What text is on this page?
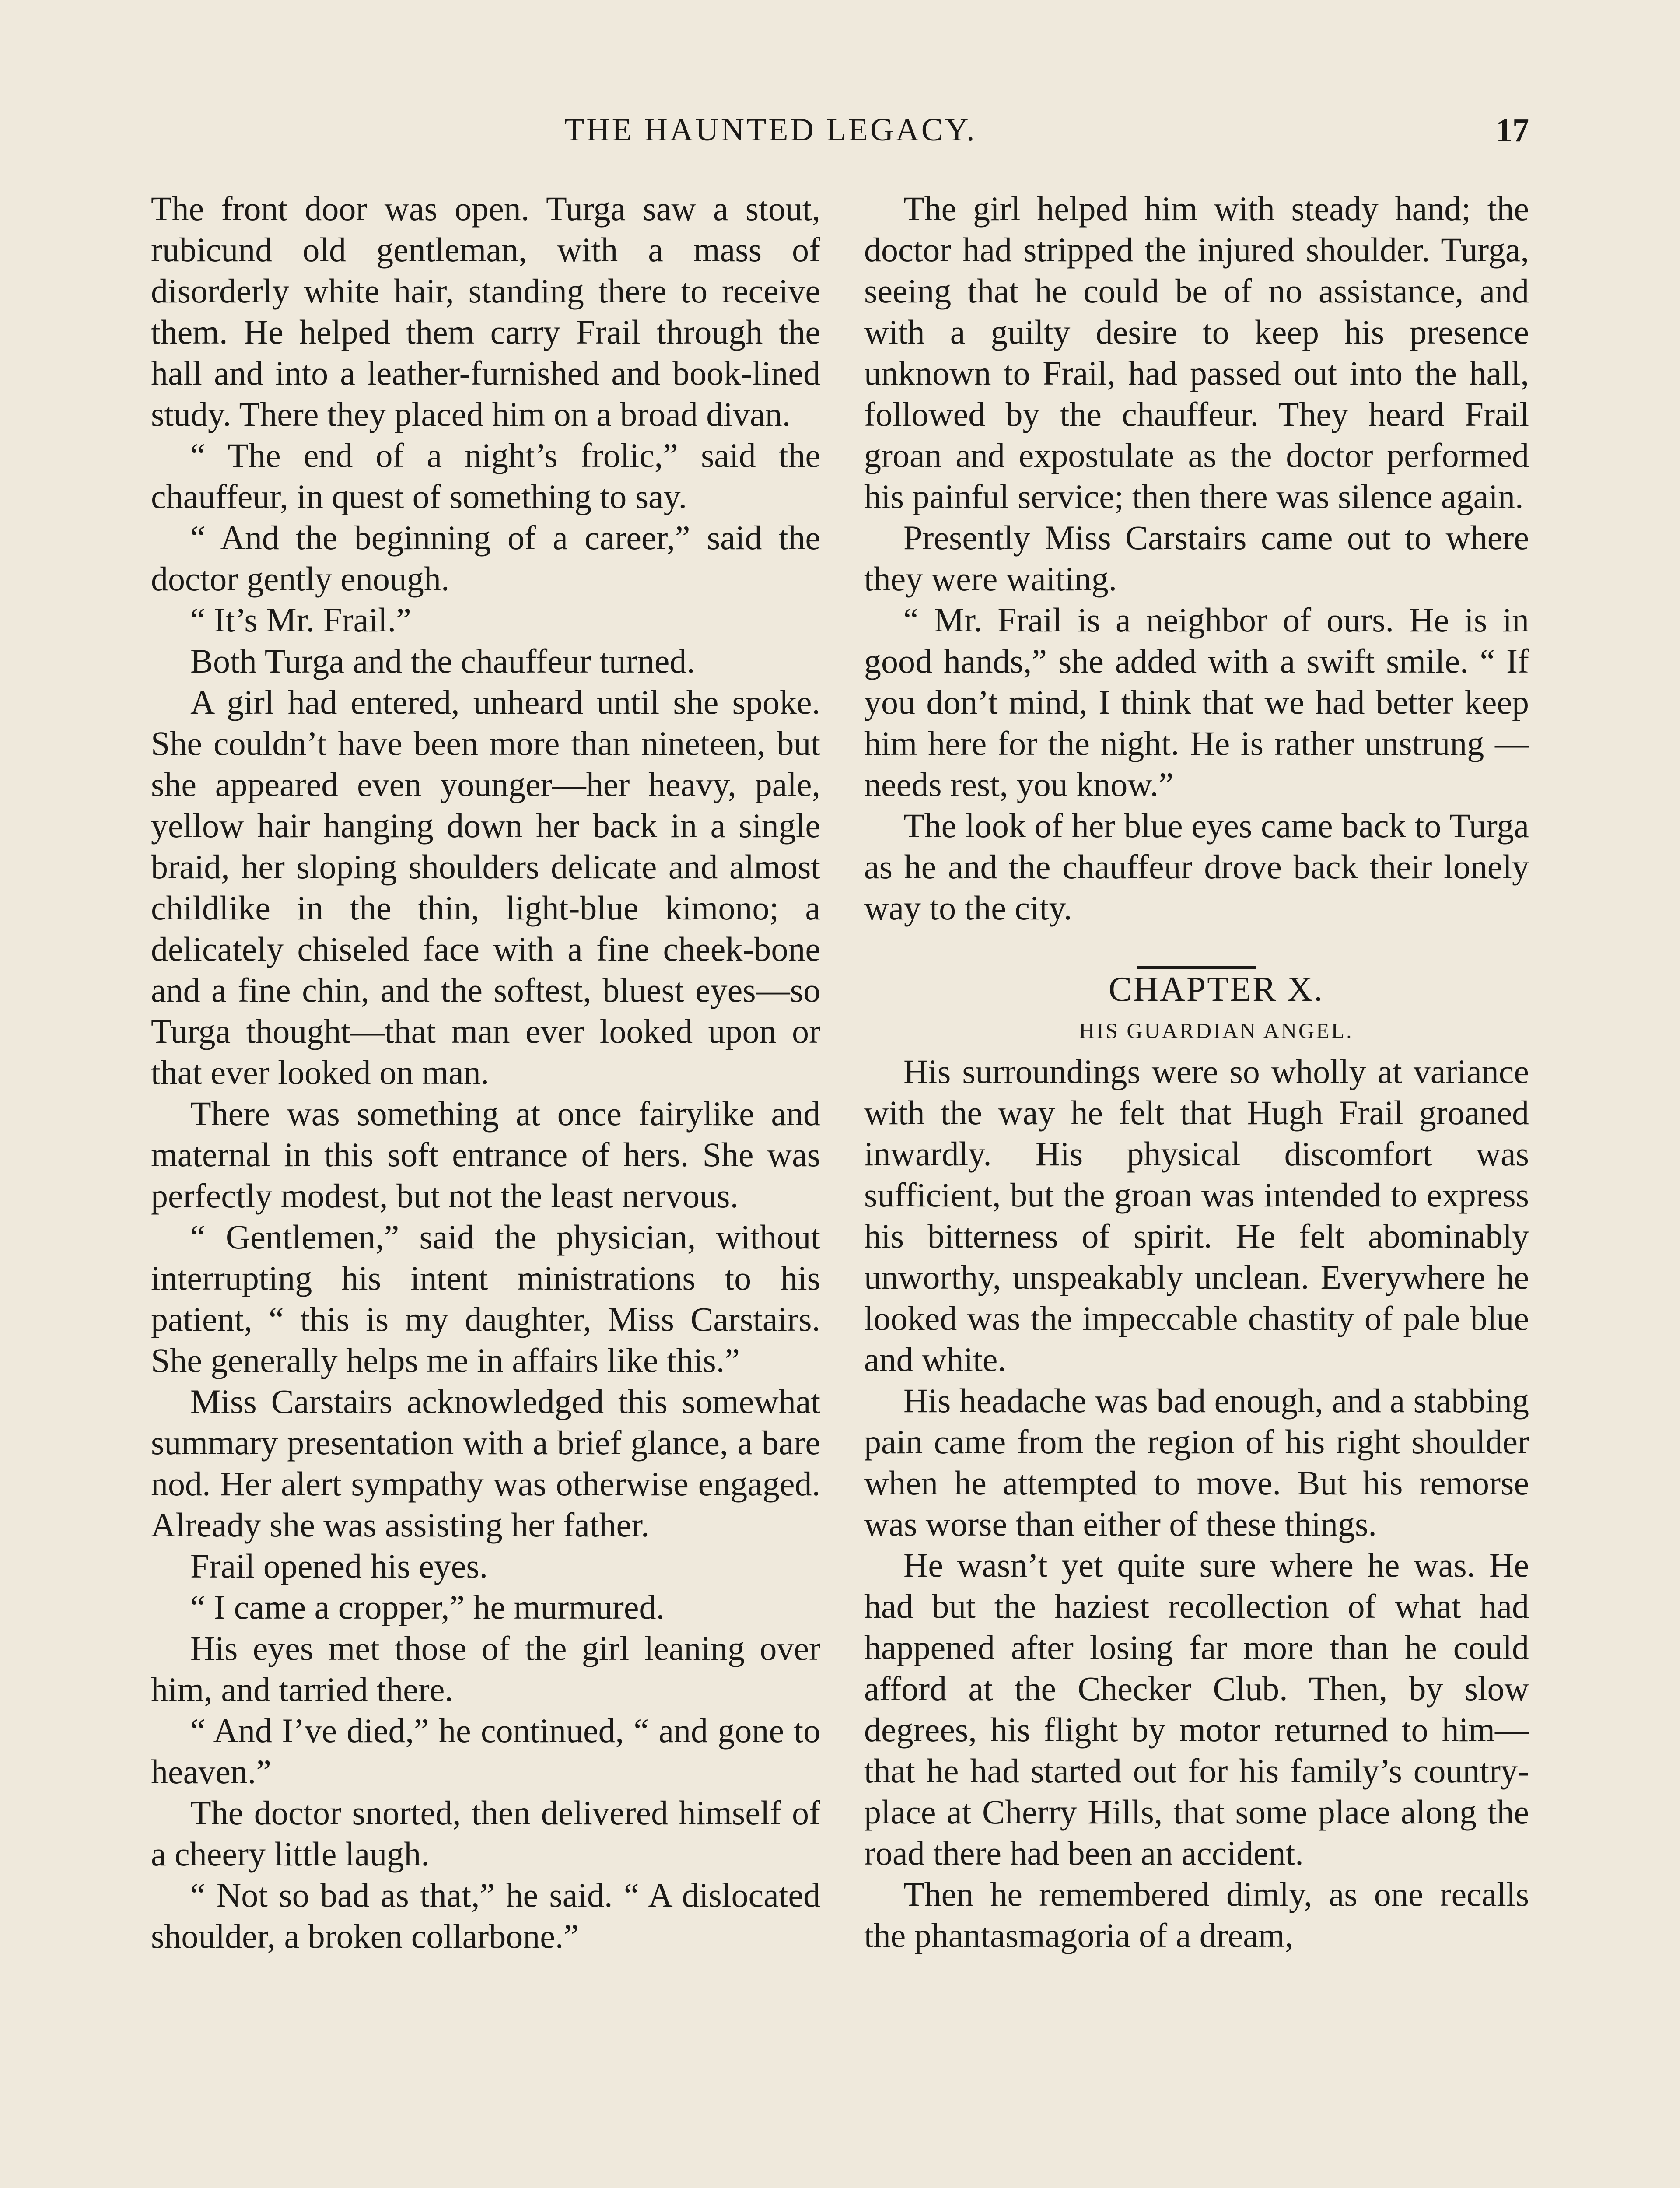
THE HAUNTED LEGACY.	17

The front door was open. Turga saw a stout, rubicund old gentleman, with a mass of disorderly white hair, standing there to receive them. He helped them carry Frail through the hall and into a leather-furnished and book-lined study. There they placed him on a broad divan.

“ The end of a night’s frolic,” said the chauffeur, in quest of something to say.

“ And the beginning of a career,” said the doctor gently enough.

“ It’s Mr. Frail.”

Both Turga and the chauffeur turned.

A girl had entered, unheard until she spoke. She couldn’t have been more than nineteen, but she appeared even younger—her heavy, pale, yellow hair hanging down her back in a single braid, her sloping shoulders delicate and almost childlike in the thin, light-blue kimono; a delicately chiseled face with a fine cheek-bone and a fine chin, and the softest, bluest eyes—so Turga thought—that man ever looked upon or that ever looked on man.

There was something at once fairylike and maternal in this soft entrance of hers. She was perfectly modest, but not the least nervous.

“ Gentlemen,” said the physician, without interrupting his intent ministrations to his patient, “ this is my daughter, Miss Carstairs. She generally helps me in affairs like this.”

Miss Carstairs acknowledged this somewhat summary presentation with a brief glance, a bare nod. Her alert sympathy was otherwise engaged. Already she was assisting her father.

Frail opened his eyes.

“ I came a cropper,” he murmured.

His eyes met those of the girl leaning over him, and tarried there.

“ And I’ve died,” he continued, “ and gone to heaven.”

The doctor snorted, then delivered himself of a cheery little laugh.

“ Not so bad as that,” he said. “ A dislocated shoulder, a broken collarbone.”

The girl helped him with steady hand; the doctor had stripped the injured shoulder. Turga, seeing that he could be of no assistance, and with a guilty desire to keep his presence unknown to Frail, had passed out into the hall, followed by the chauffeur. They heard Frail groan and expostulate as the doctor performed his painful service; then there was silence again.

Presently Miss Carstairs came out to where they were waiting.

“ Mr. Frail is a neighbor of ours. He is in good hands,” she added with a swift smile. “ If you don’t mind, I think that we had better keep him here for the night. He is rather unstrung —needs rest, you know.”

The look of her blue eyes came back to Turga as he and the chauffeur drove back their lonely way to the city.

CHAPTER X.

HIS GUARDIAN ANGEL.

His surroundings were so wholly at variance with the way he felt that Hugh Frail groaned inwardly. His physical discomfort was sufficient, but the groan was intended to express his bitterness of spirit. He felt abominably unworthy, unspeakably unclean. Everywhere he looked was the impeccable chastity of pale blue and white.

His headache was bad enough, and a stabbing pain came from the region of his right shoulder when he attempted to move. But his remorse was worse than either of these things.

He wasn’t yet quite sure where he was. He had but the haziest recollection of what had happened after losing far more than he could afford at the Checker Club. Then, by slow degrees, his flight by motor returned to him—that he had started out for his family’s country-place at Cherry Hills, that some place along the road there had been an accident.

Then he remembered dimly, as one recalls the phantasmagoria of a dream,
